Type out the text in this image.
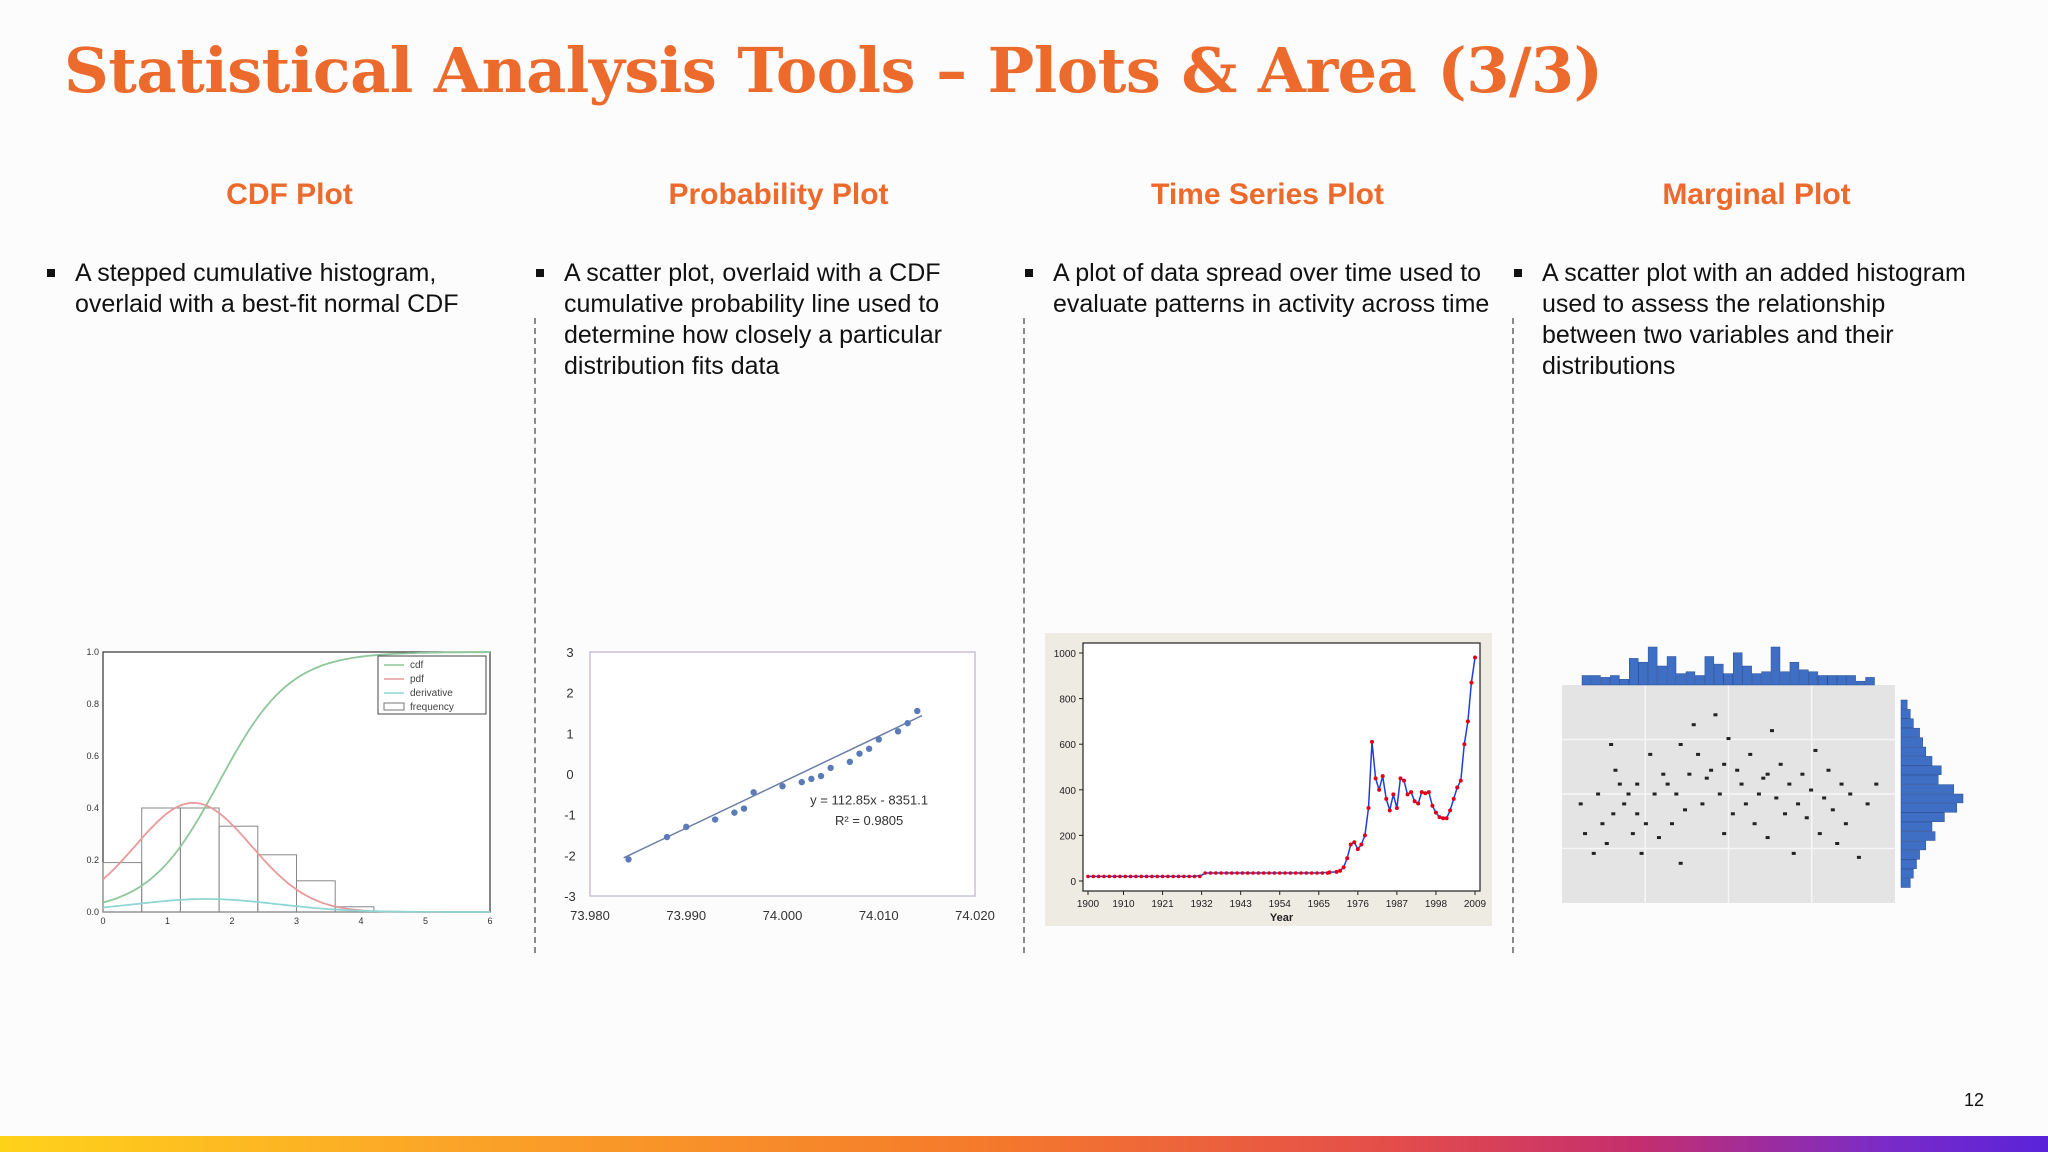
Statistical Analysis Tools – Plots & Area (3/3)
CDF Plot
A stepped cumulative histogram, overlaid with a best-fit normal CDF
Probability Plot
A scatter plot, overlaid with a CDF cumulative probability line used to determine how closely a particular distribution fits data
Time Series Plot
A plot of data spread over time used to evaluate patterns in activity across time
Marginal Plot
A scatter plot with an added histogram used to assess the relationship between two variables and their distributions
0.0
0.2
0.4
0.6
0.8
1.0
0	1	2	3	4	5	6
cdf
pdf
derivative
frequency
3
2
1
0
-1
-2
-3
73.980	73.990	74.000	74.010	74.020
y = 112.85x - 8351.1
R² = 0.9805
1000
800
600
400
200
0
1900 1910 1921 1932 1943 1954 1965 1976 1987 1998 2009
Year
12
